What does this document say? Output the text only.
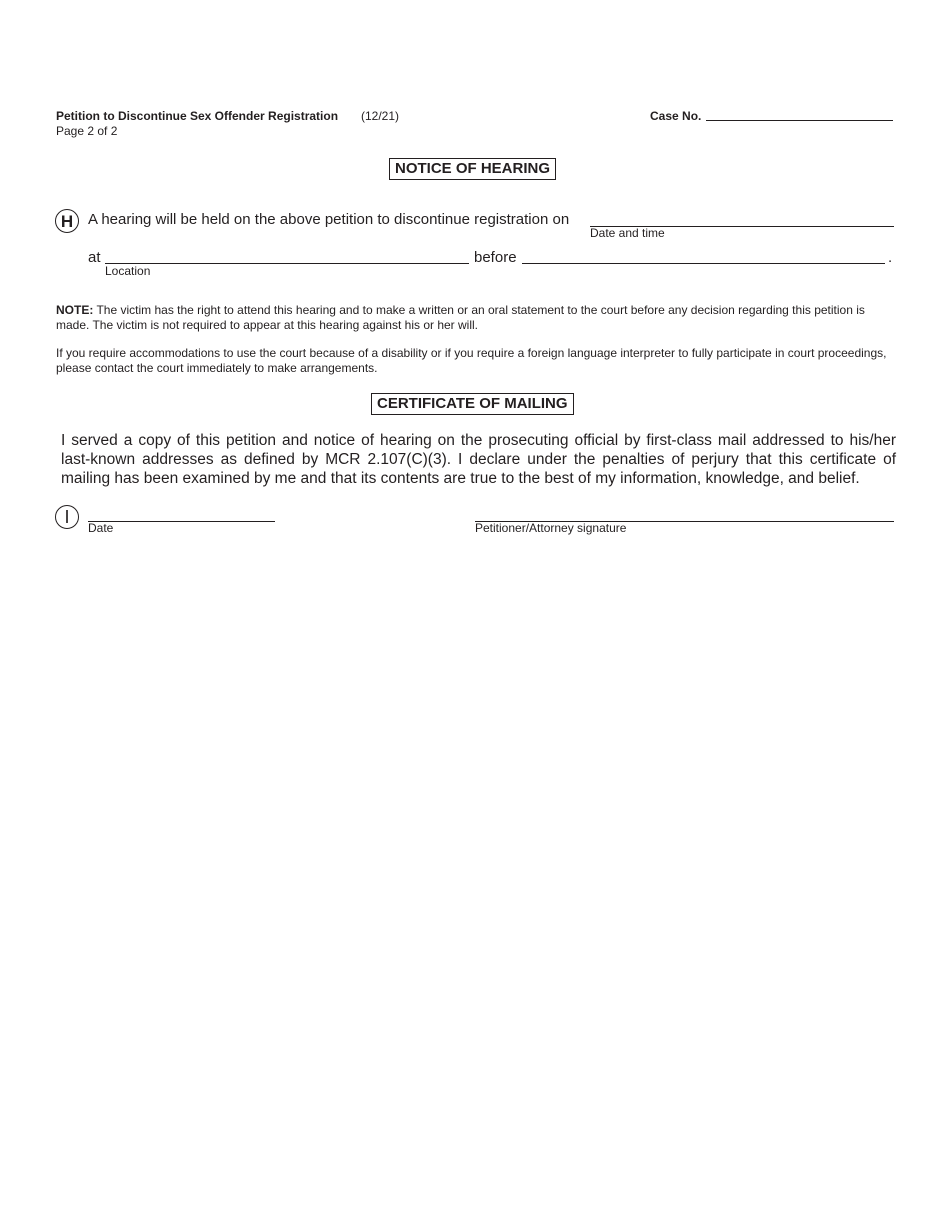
Petition to Discontinue Sex Offender Registration (12/21)
Page 2 of 2
Case No.
NOTICE OF HEARING
H A hearing will be held on the above petition to discontinue registration on
Date and time
at
Location
before	.

NOTE: The victim has the right to attend this hearing and to make a written or an oral statement to the court before any decision regarding this petition is made. The victim is not required to appear at this hearing against his or her will.

If you require accommodations to use the court because of a disability or if you require a foreign language interpreter to fully participate in court proceedings, please contact the court immediately to make arrangements.

CERTIFICATE OF MAILING

I served a copy of this petition and notice of hearing on the prosecuting official by first-class mail addressed to his/her last-known addresses as defined by MCR 2.107(C)(3). I declare under the penalties of perjury that this certificate of mailing has been examined by me and that its contents are true to the best of my information, knowledge, and belief.

I
Date	Petitioner/Attorney signature
